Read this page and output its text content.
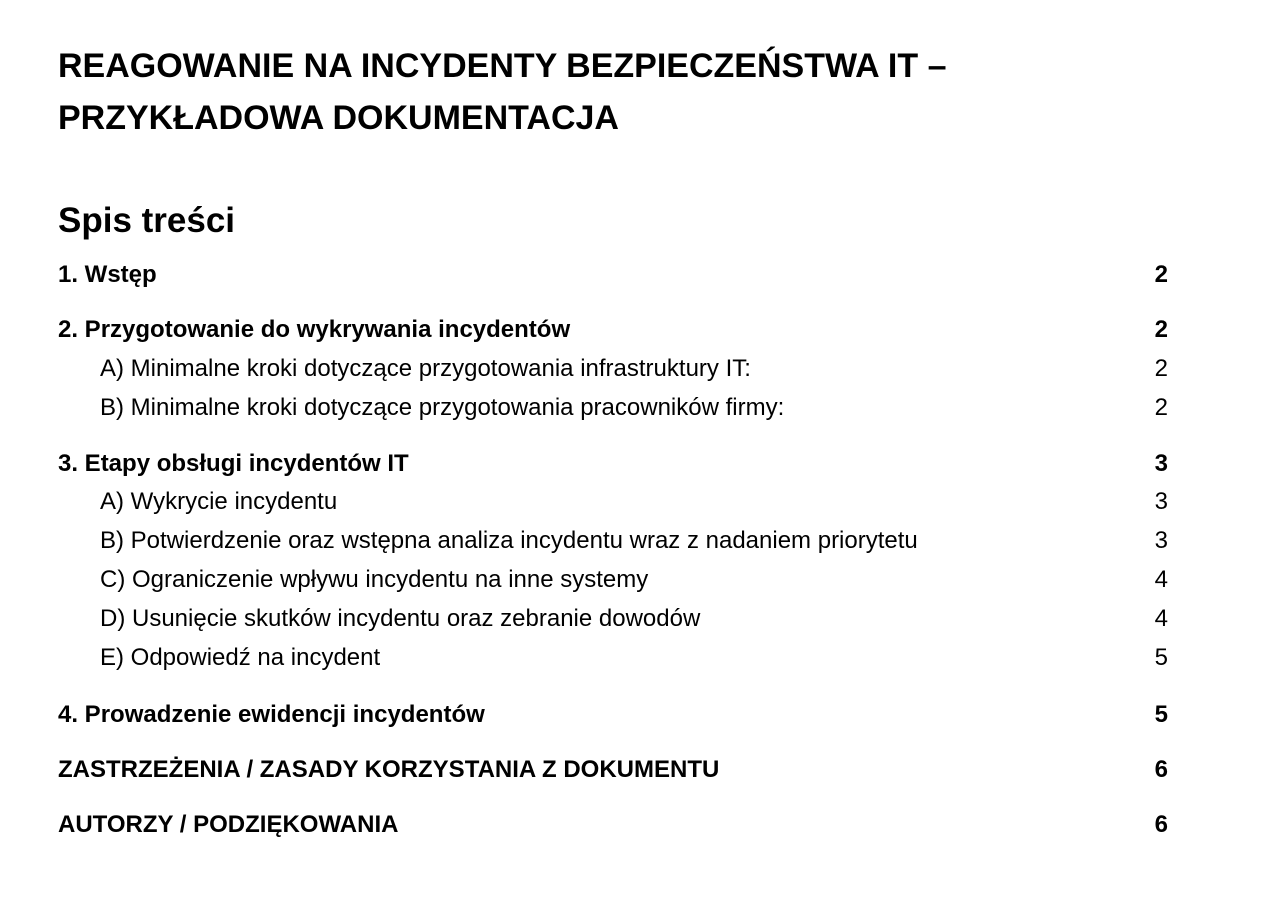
REAGOWANIE NA INCYDENTY BEZPIECZEŃSTWA IT –
PRZYKŁADOWA DOKUMENTACJA
Spis treści
1. Wstęp	2
2. Przygotowanie do wykrywania incydentów	2
A) Minimalne kroki dotyczące przygotowania infrastruktury IT:	2
B) Minimalne kroki dotyczące przygotowania pracowników firmy:	2
3. Etapy obsługi incydentów IT	3
A) Wykrycie incydentu	3
B) Potwierdzenie oraz wstępna analiza incydentu wraz z nadaniem priorytetu	3
C) Ograniczenie wpływu incydentu na inne systemy	4
D) Usunięcie skutków incydentu oraz zebranie dowodów	4
E) Odpowiedź na incydent	5
4. Prowadzenie ewidencji incydentów	5
ZASTRZEŻENIA / ZASADY KORZYSTANIA Z DOKUMENTU	6
AUTORZY / PODZIĘKOWANIA	6
